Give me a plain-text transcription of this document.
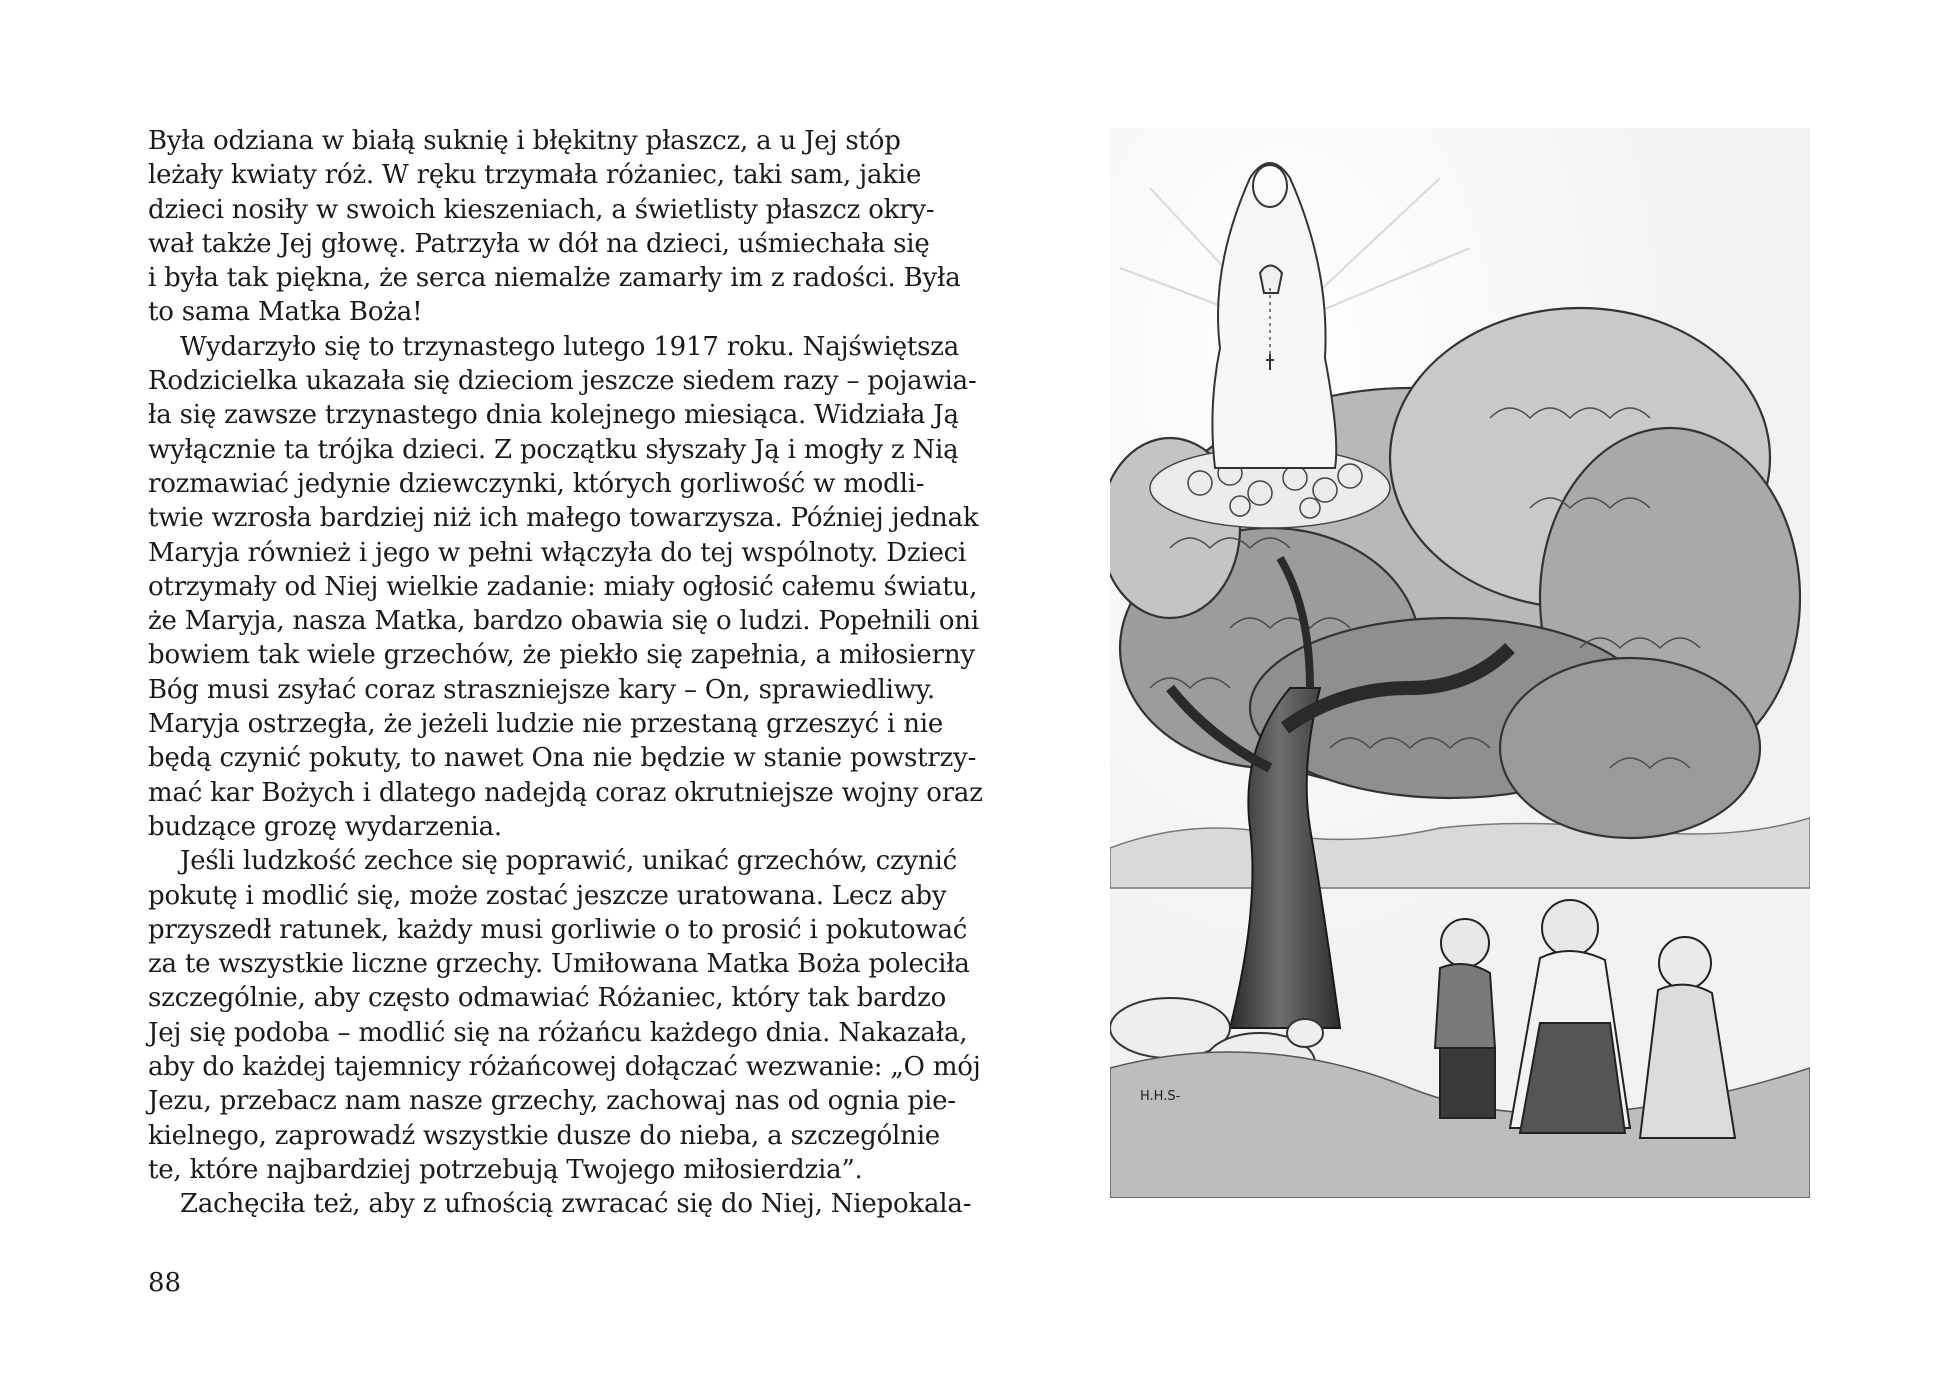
Była odziana w białą suknię i błękitny płaszcz, a u Jej stóp
leżały kwiaty róż. W ręku trzymała różaniec, taki sam, jakie
dzieci nosiły w swoich kieszeniach, a świetlisty płaszcz okry-
wał także Jej głowę. Patrzyła w dół na dzieci, uśmiechała się
i była tak piękna, że serca niemalże zamarły im z radości. Była
to sama Matka Boża!

Wydarzyło się to trzynastego lutego 1917 roku. Najświętsza
Rodzicielka ukazała się dzieciom jeszcze siedem razy – pojawia-
ła się zawsze trzynastego dnia kolejnego miesiąca. Widziała Ją
wyłącznie ta trójka dzieci. Z początku słyszały Ją i mogły z Nią
rozmawiać jedynie dziewczynki, których gorliwość w modli-
twie wzrosła bardziej niż ich małego towarzysza. Później jednak
Maryja również i jego w pełni włączyła do tej wspólnoty. Dzieci
otrzymały od Niej wielkie zadanie: miały ogłosić całemu światu,
że Maryja, nasza Matka, bardzo obawia się o ludzi. Popełnili oni
bowiem tak wiele grzechów, że piekło się zapełnia, a miłosierny
Bóg musi zsyłać coraz straszniejsze kary – On, sprawiedliwy.
Maryja ostrzegła, że jeżeli ludzie nie przestaną grzeszyć i nie
będą czynić pokuty, to nawet Ona nie będzie w stanie powstrzy-
mać kar Bożych i dlatego nadejdą coraz okrutniejsze wojny oraz
budzące grozę wydarzenia.

Jeśli ludzkość zechce się poprawić, unikać grzechów, czynić
pokutę i modlić się, może zostać jeszcze uratowana. Lecz aby
przyszedł ratunek, każdy musi gorliwie o to prosić i pokutować
za te wszystkie liczne grzechy. Umiłowana Matka Boża poleciła
szczególnie, aby często odmawiać Różaniec, który tak bardzo
Jej się podoba – modlić się na różańcu każdego dnia. Nakazała,
aby do każdej tajemnicy różańcowej dołączać wezwanie: „O mój
Jezu, przebacz nam nasze grzechy, zachowaj nas od ognia pie-
kielnego, zaprowadź wszystkie dusze do nieba, a szczególnie
te, które najbardziej potrzebują Twojego miłosierdzia”.

Zachęciła też, aby z ufnością zwracać się do Niej, Niepokala-

88
H.H.S-
